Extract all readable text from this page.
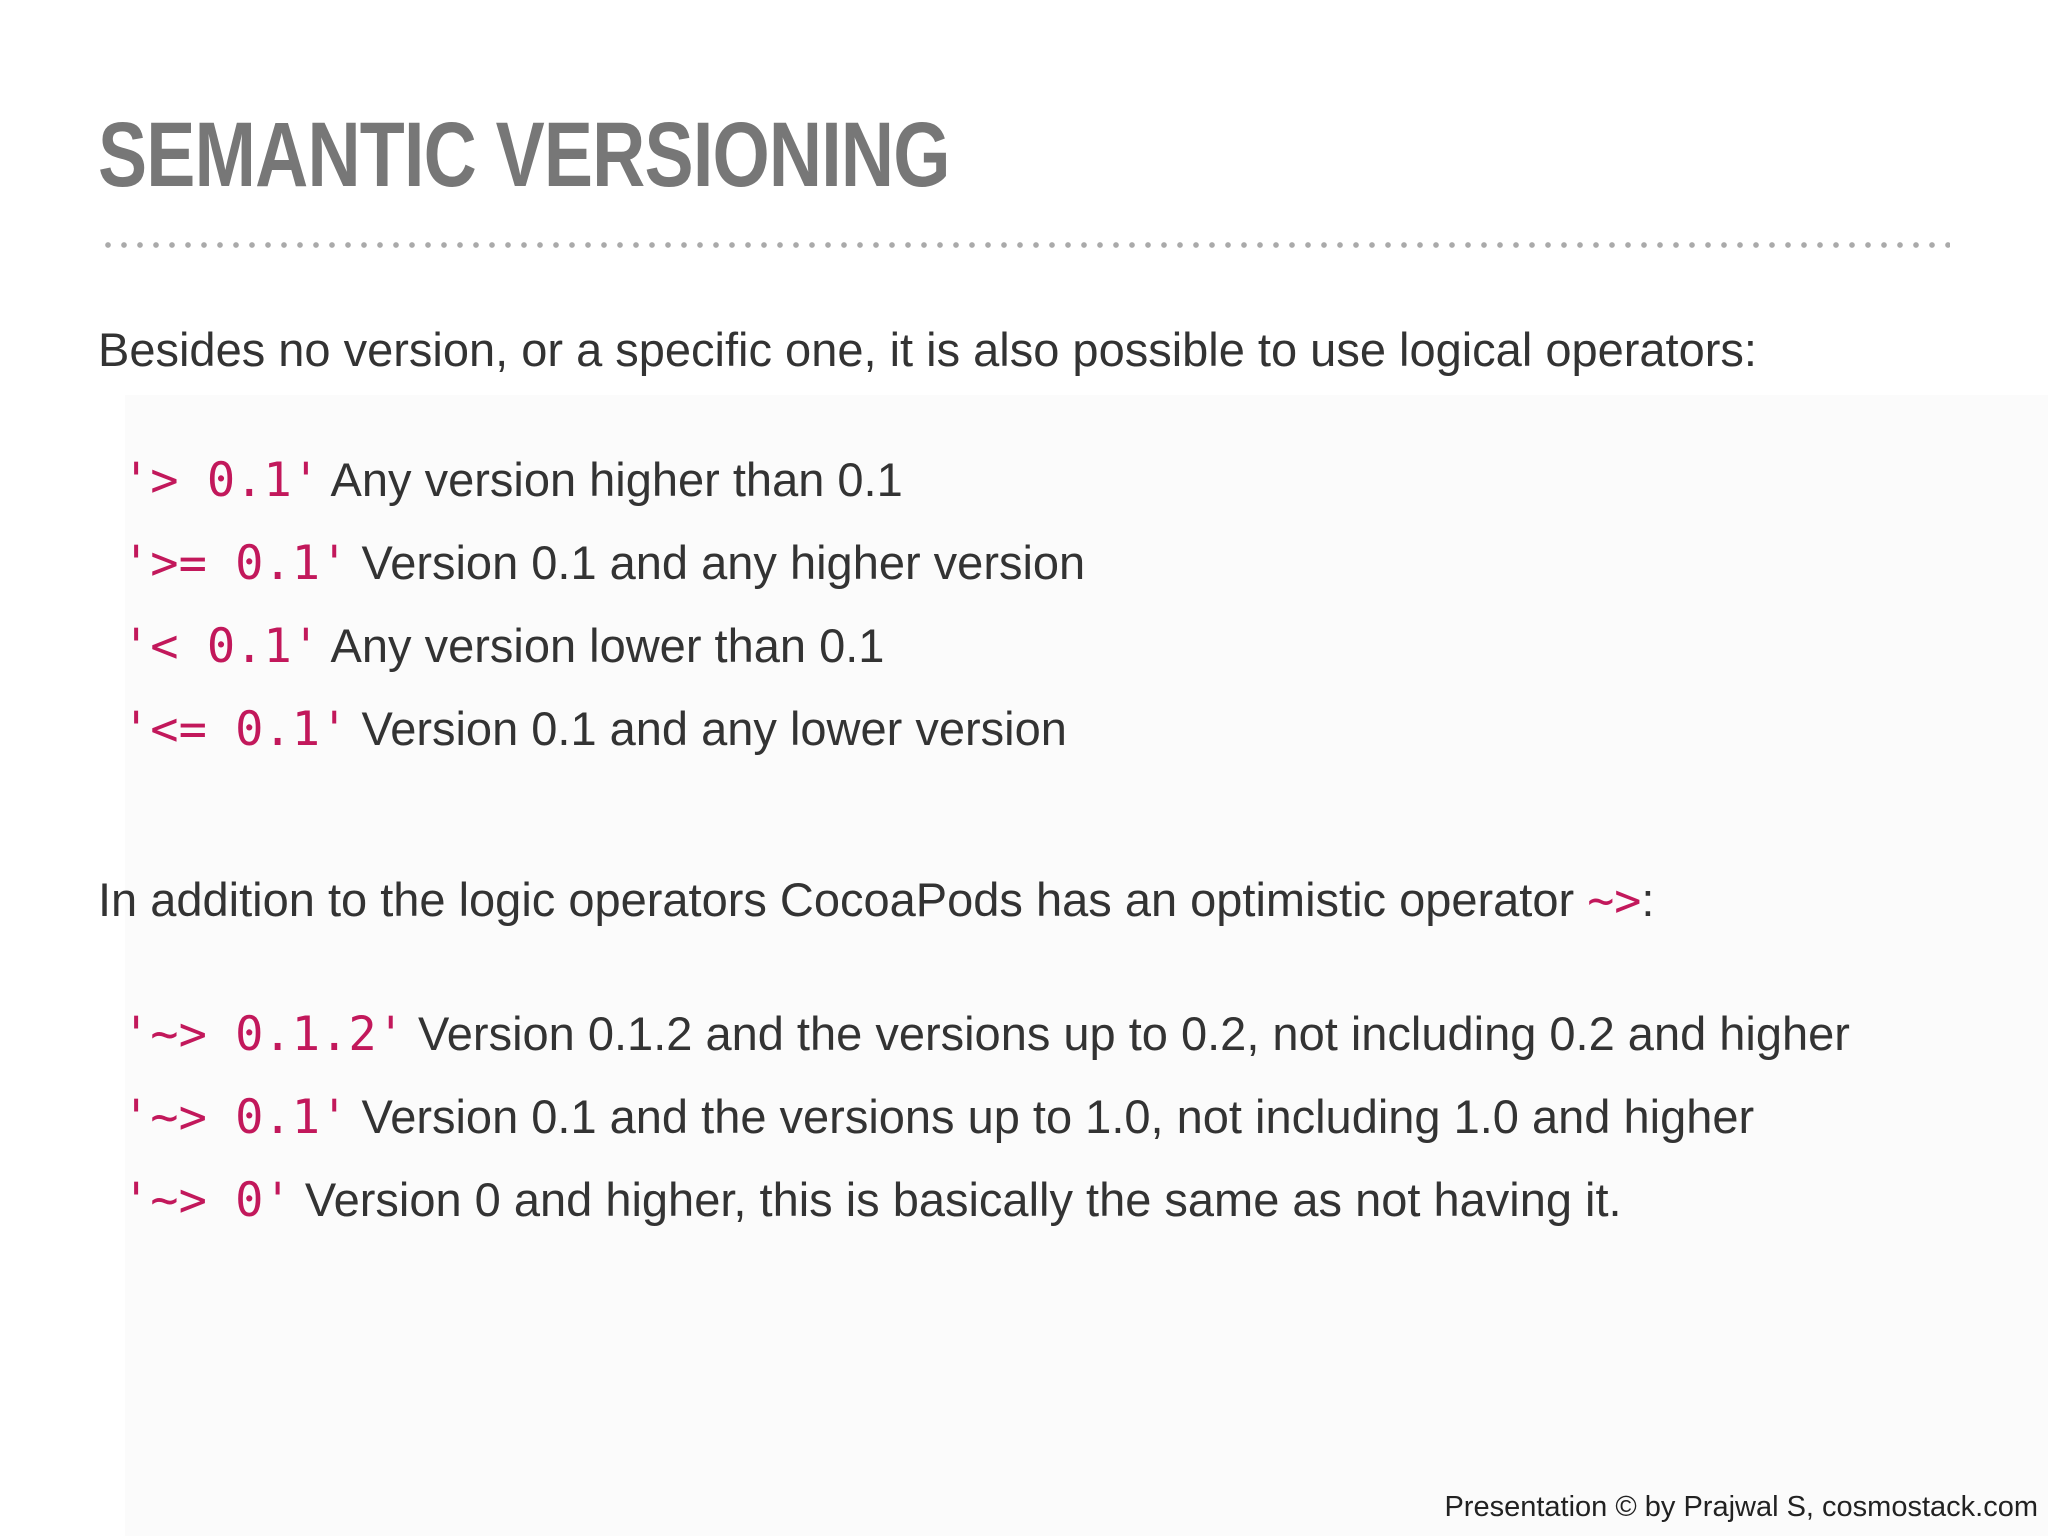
SEMANTIC VERSIONING

Besides no version, or a specific one, it is also possible to use logical operators:

'> 0.1' Any version higher than 0.1
'>= 0.1' Version 0.1 and any higher version
'< 0.1' Any version lower than 0.1
'<= 0.1' Version 0.1 and any lower version

In addition to the logic operators CocoaPods has an optimistic operator ~>:

'~> 0.1.2' Version 0.1.2 and the versions up to 0.2, not including 0.2 and higher
'~> 0.1' Version 0.1 and the versions up to 1.0, not including 1.0 and higher
'~> 0' Version 0 and higher, this is basically the same as not having it.
Presentation © by Prajwal S, cosmostack.com
